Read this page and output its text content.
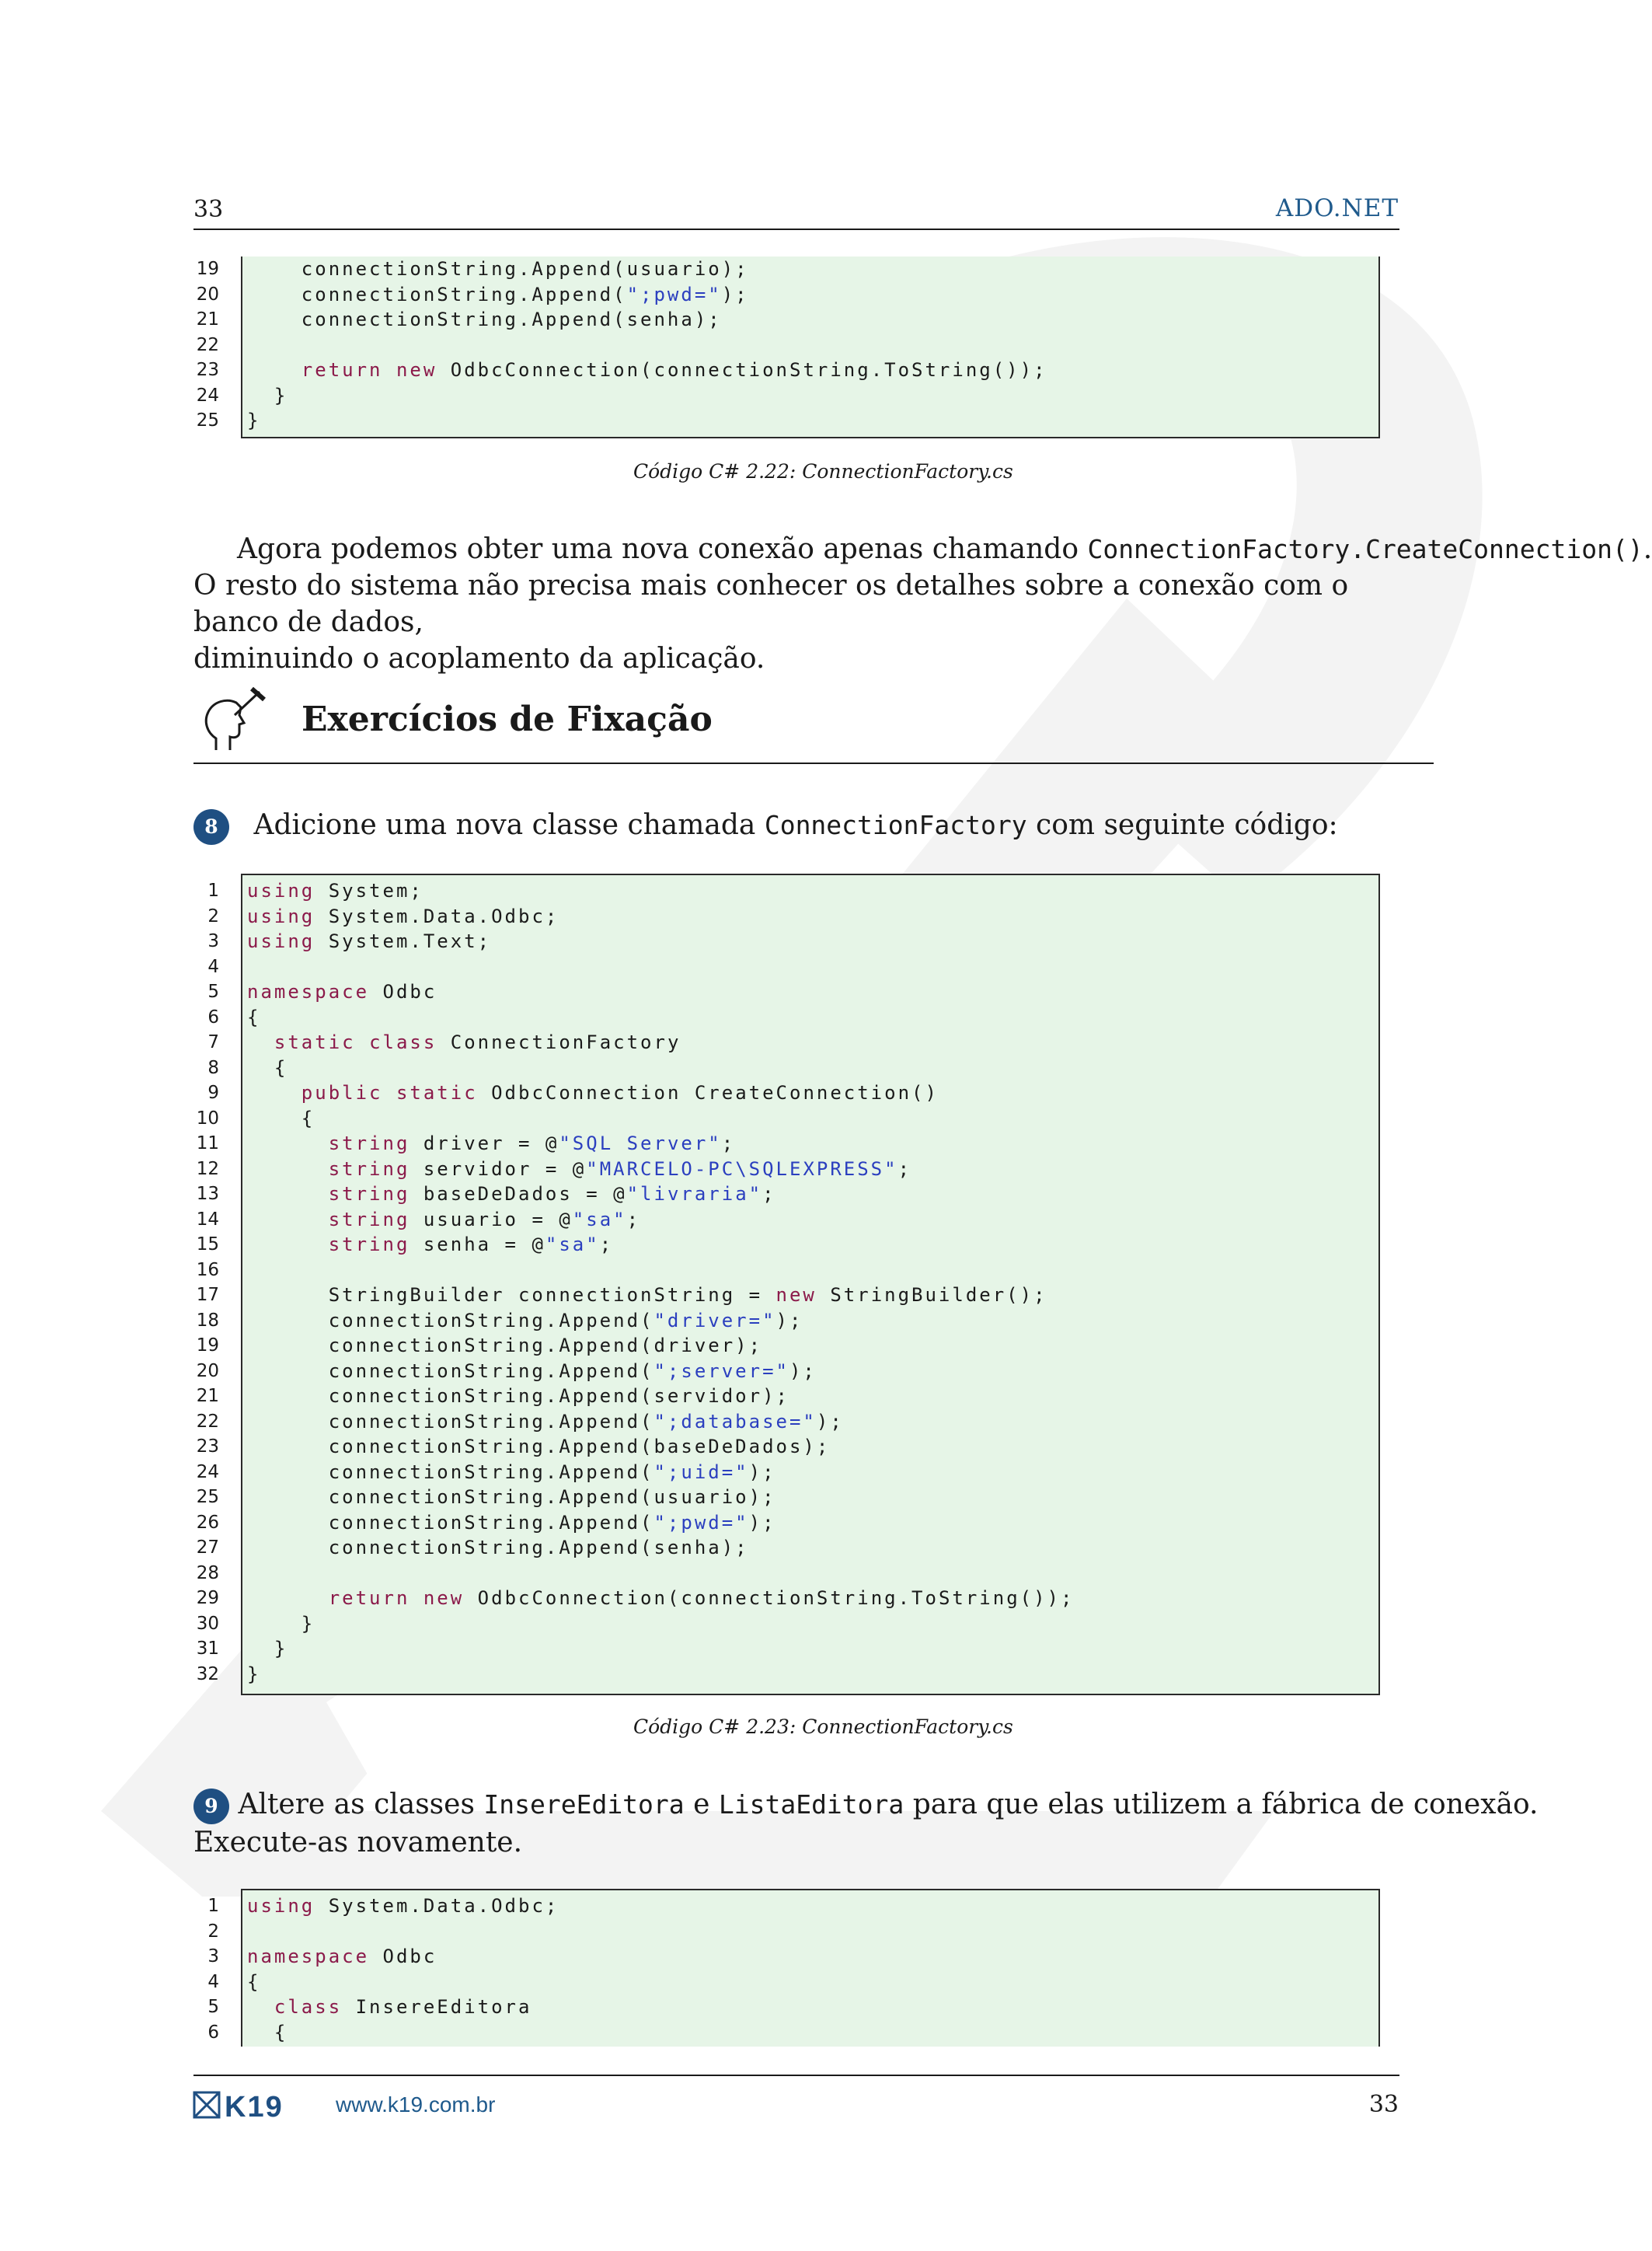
33	ADO.NET
19 connectionString.Append(usuario);
20 connectionString.Append(";pwd=");
21 connectionString.Append(senha);
22
23	return new OdbcConnection(connectionString.ToString());
24 }
25 }
Código C# 2.22: ConnectionFactory.cs
Agora podemos obter uma nova conexão apenas chamando ConnectionFactory.CreateConnection().
O resto do sistema não precisa mais conhecer os detalhes sobre a conexão com o banco de dados,
diminuindo o acoplamento da aplicação.
Exercícios de Fixação
8 Adicione uma nova classe chamada ConnectionFactory com seguinte código:
1 using System;
2 using System.Data.Odbc;
3 using System.Text;
4
5 namespace Odbc
6 {
7	static class ConnectionFactory
8 {
9	public static OdbcConnection CreateConnection()
10 {
11	string driver = @"SQL Server";
12	string servidor = @"MARCELO-PC\SQLEXPRESS";
13	string baseDeDados = @"livraria";
14	string usuario = @"sa";
15	string senha = @"sa";
16
17 StringBuilder connectionString = new StringBuilder();
18 connectionString.Append("driver=");
19 connectionString.Append(driver);
20 connectionString.Append(";server=");
21 connectionString.Append(servidor);
22 connectionString.Append(";database=");
23 connectionString.Append(baseDeDados);
24 connectionString.Append(";uid=");
25 connectionString.Append(usuario);
26 connectionString.Append(";pwd=");
27 connectionString.Append(senha);
28
29	return new OdbcConnection(connectionString.ToString());
30 }
31 }
32 }
Código C# 2.23: ConnectionFactory.cs
9 Altere as classes InsereEditora e ListaEditora para que elas utilizem a fábrica de conexão.
Execute-as novamente.
1 using System.Data.Odbc;
2
3 namespace Odbc
4 {
5	class InsereEditora
6 {
K19 www.k19.com.br	33
